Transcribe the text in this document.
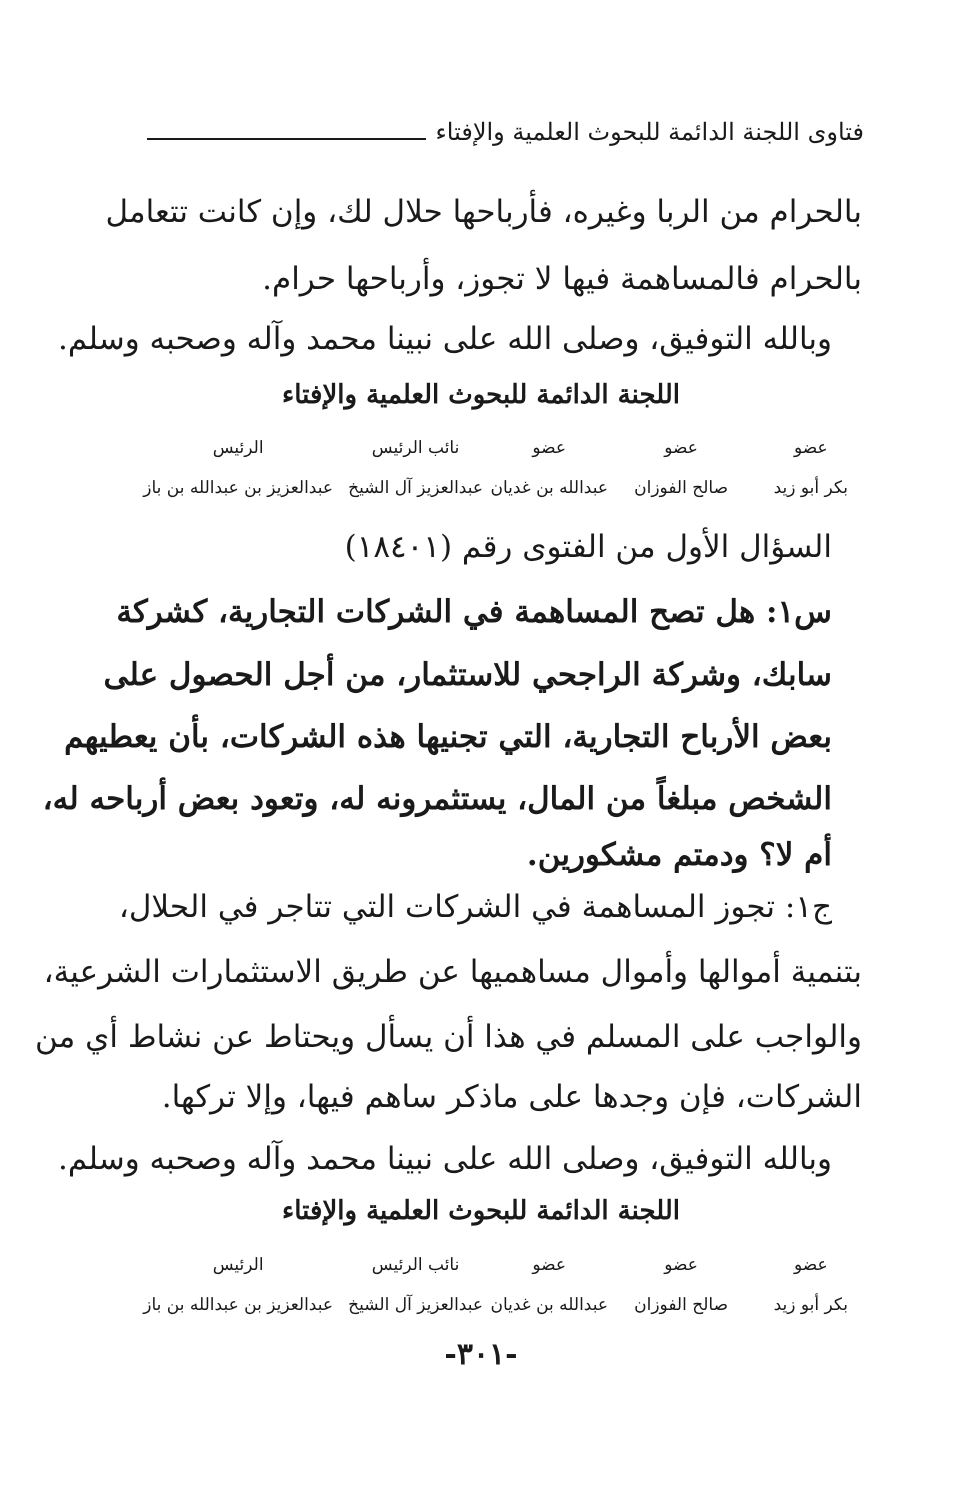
فتاوى اللجنة الدائمة للبحوث العلمية والإفتاء
بالحرام من الربا وغيره، فأرباحها حلال لك، وإن كانت تتعامل
بالحرام فالمساهمة فيها لا تجوز، وأرباحها حرام.
وبالله التوفيق، وصلى الله على نبينا محمد وآله وصحبه وسلم.
اللجنة الدائمة للبحوث العلمية والإفتاء
عضو
بكر أبو زيد
عضو
صالح الفوزان
عضو
عبدالله بن غديان
نائب الرئيس
عبدالعزيز آل الشيخ
الرئيس
عبدالعزيز بن عبدالله بن باز
السؤال الأول من الفتوى رقم (١٨٤٠١)
س١: هل تصح المساهمة في الشركات التجارية، كشركة
سابك، وشركة الراجحي للاستثمار، من أجل الحصول على
بعض الأرباح التجارية، التي تجنيها هذه الشركات، بأن يعطيهم
الشخص مبلغاً من المال، يستثمرونه له، وتعود بعض أرباحه له،
أم لا؟ ودمتم مشكورين.
ج١: تجوز المساهمة في الشركات التي تتاجر في الحلال،
بتنمية أموالها وأموال مساهميها عن طريق الاستثمارات الشرعية،
والواجب على المسلم في هذا أن يسأل ويحتاط عن نشاط أي من
الشركات، فإن وجدها على ماذكر ساهم فيها، وإلا تركها.
وبالله التوفيق، وصلى الله على نبينا محمد وآله وصحبه وسلم.
اللجنة الدائمة للبحوث العلمية والإفتاء
عضو
بكر أبو زيد
عضو
صالح الفوزان
عضو
عبدالله بن غديان
نائب الرئيس
عبدالعزيز آل الشيخ
الرئيس
عبدالعزيز بن عبدالله بن باز
-٣٠١-
